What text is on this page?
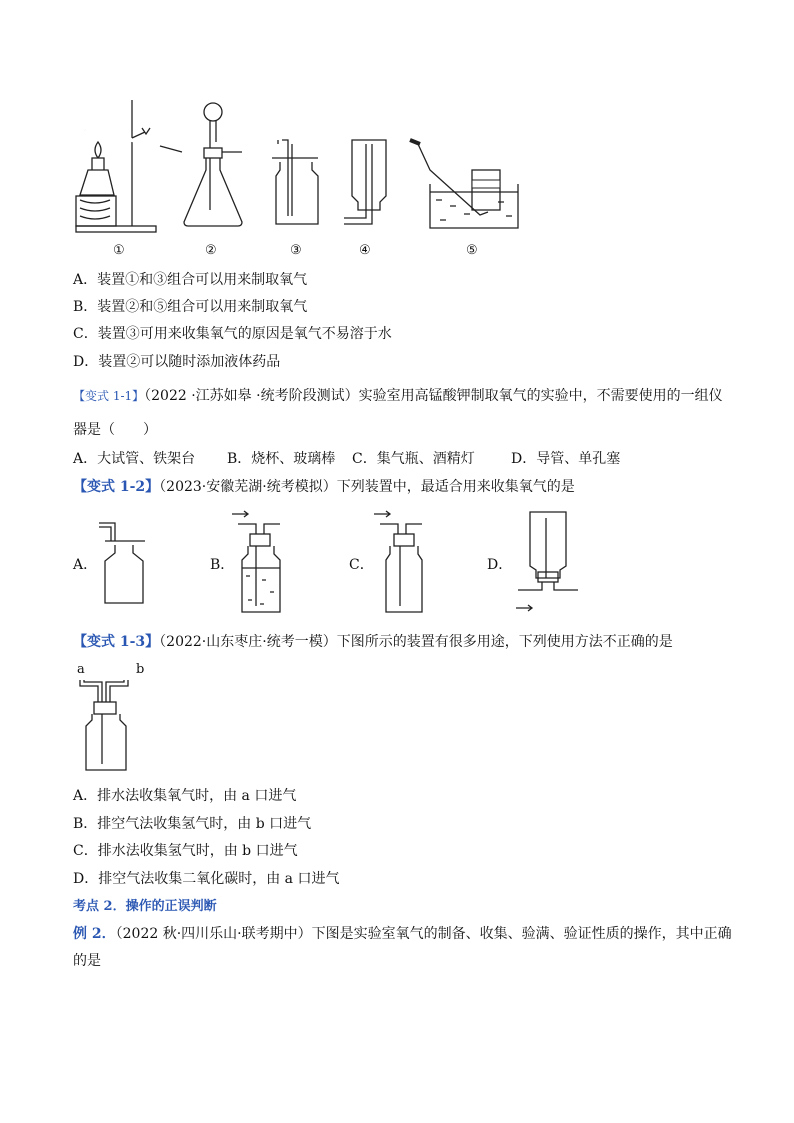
①	②	③	④	⑤
A．装置①和③组合可以用来制取氧气
B．装置②和⑤组合可以用来制取氧气
C．装置③可用来收集氧气的原因是氧气不易溶于水
D．装置②可以随时添加液体药品
【变式 1-1】（2022 ·江苏如皋 ·统考阶段测试）实验室用高锰酸钾制取氧气的实验中，不需要使用的一组仪
器是（　　）
A．大试管、铁架台 B．烧杯、玻璃棒 C．集气瓶、酒精灯	D．导管、单孔塞
【变式 1-2】（2023·安徽芜湖·统考模拟）下列装置中，最适合用来收集氧气的是
A．	B．	C．	D．
【变式 1-3】（2022·山东枣庄·统考一模）下图所示的装置有很多用途，下列使用方法不正确的是
a	b
A．排水法收集氧气时，由 a 口进气
B．排空气法收集氢气时，由 b 口进气
C．排水法收集氢气时，由 b 口进气
D．排空气法收集二氧化碳时，由 a 口进气
考点 2．操作的正误判断
例 2．（2022 秋·四川乐山·联考期中）下图是实验室氧气的制备、收集、验满、验证性质的操作，其中正确
的是
